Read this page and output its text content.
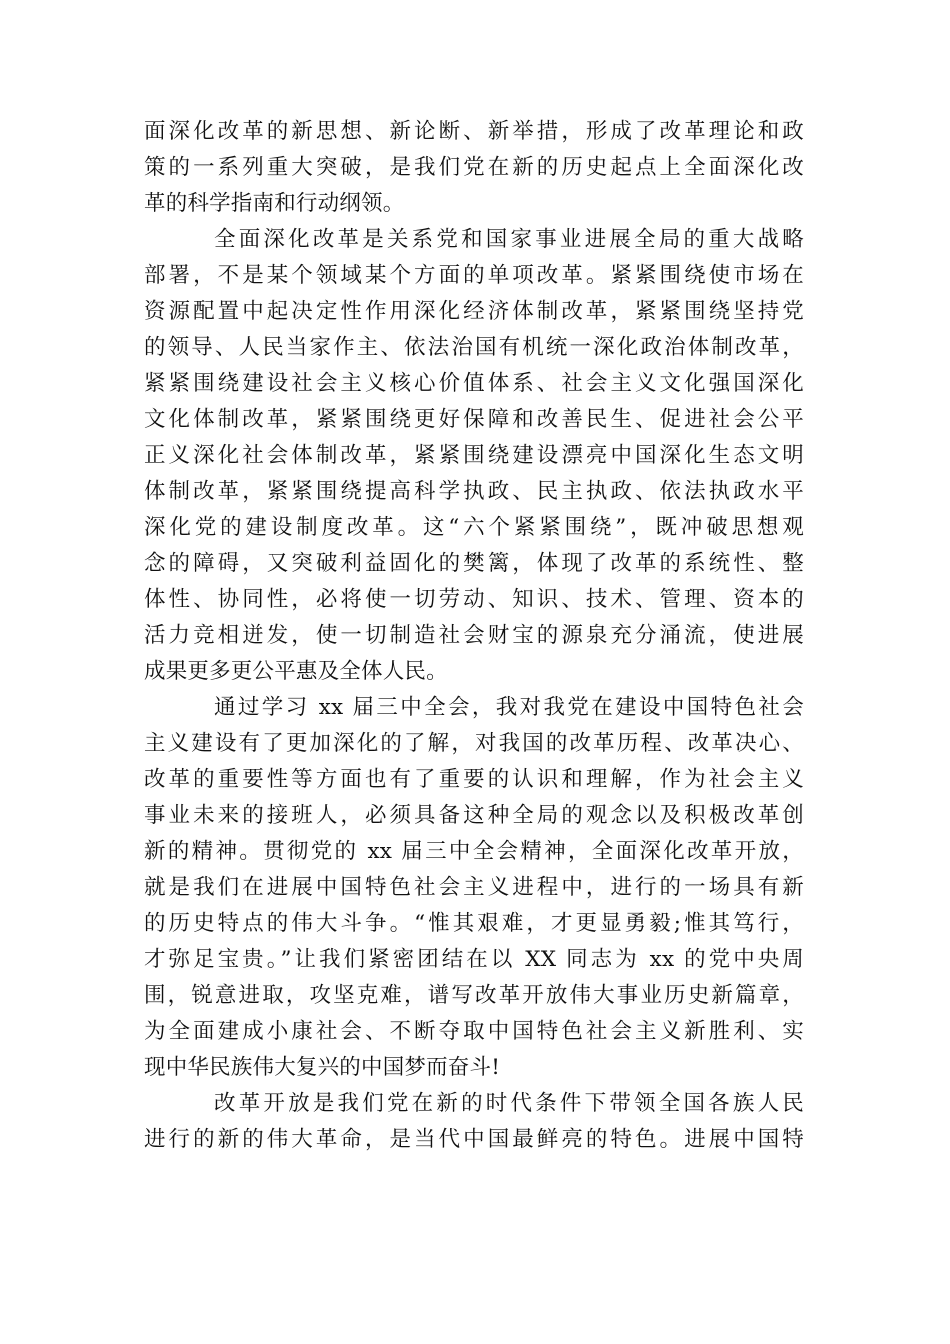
面深化改革的新思想、新论断、新举措，形成了改革理论和政
策的一系列重大突破，是我们党在新的历史起点上全面深化改
革的科学指南和行动纲领。
全面深化改革是关系党和国家事业进展全局的重大战略
部署，不是某个领域某个方面的单项改革。紧紧围绕使市场在
资源配置中起决定性作用深化经济体制改革，紧紧围绕坚持党
的领导、人民当家作主、依法治国有机统一深化政治体制改革，
紧紧围绕建设社会主义核心价值体系、社会主义文化强国深化
文化体制改革，紧紧围绕更好保障和改善民生、促进社会公平
正义深化社会体制改革，紧紧围绕建设漂亮中国深化生态文明
体制改革，紧紧围绕提高科学执政、民主执政、依法执政水平
深化党的建设制度改革。这“六个紧紧围绕”，既冲破思想观
念的障碍，又突破利益固化的樊篱，体现了改革的系统性、整
体性、协同性，必将使一切劳动、知识、技术、管理、资本的
活力竞相迸发，使一切制造社会财宝的源泉充分涌流，使进展
成果更多更公平惠及全体人民。
通过学习 xx 届三中全会，我对我党在建设中国特色社会
主义建设有了更加深化的了解，对我国的改革历程、改革决心、
改革的重要性等方面也有了重要的认识和理解，作为社会主义
事业未来的接班人，必须具备这种全局的观念以及积极改革创
新的精神。贯彻党的 xx 届三中全会精神，全面深化改革开放，
就是我们在进展中国特色社会主义进程中，进行的一场具有新
的历史特点的伟大斗争。“惟其艰难，才更显勇毅;惟其笃行，
才弥足宝贵。”让我们紧密团结在以 XX 同志为 xx 的党中央周
围，锐意进取，攻坚克难，谱写改革开放伟大事业历史新篇章，
为全面建成小康社会、不断夺取中国特色社会主义新胜利、实
现中华民族伟大复兴的中国梦而奋斗!
改革开放是我们党在新的时代条件下带领全国各族人民
进行的新的伟大革命，是当代中国最鲜亮的特色。进展中国特
